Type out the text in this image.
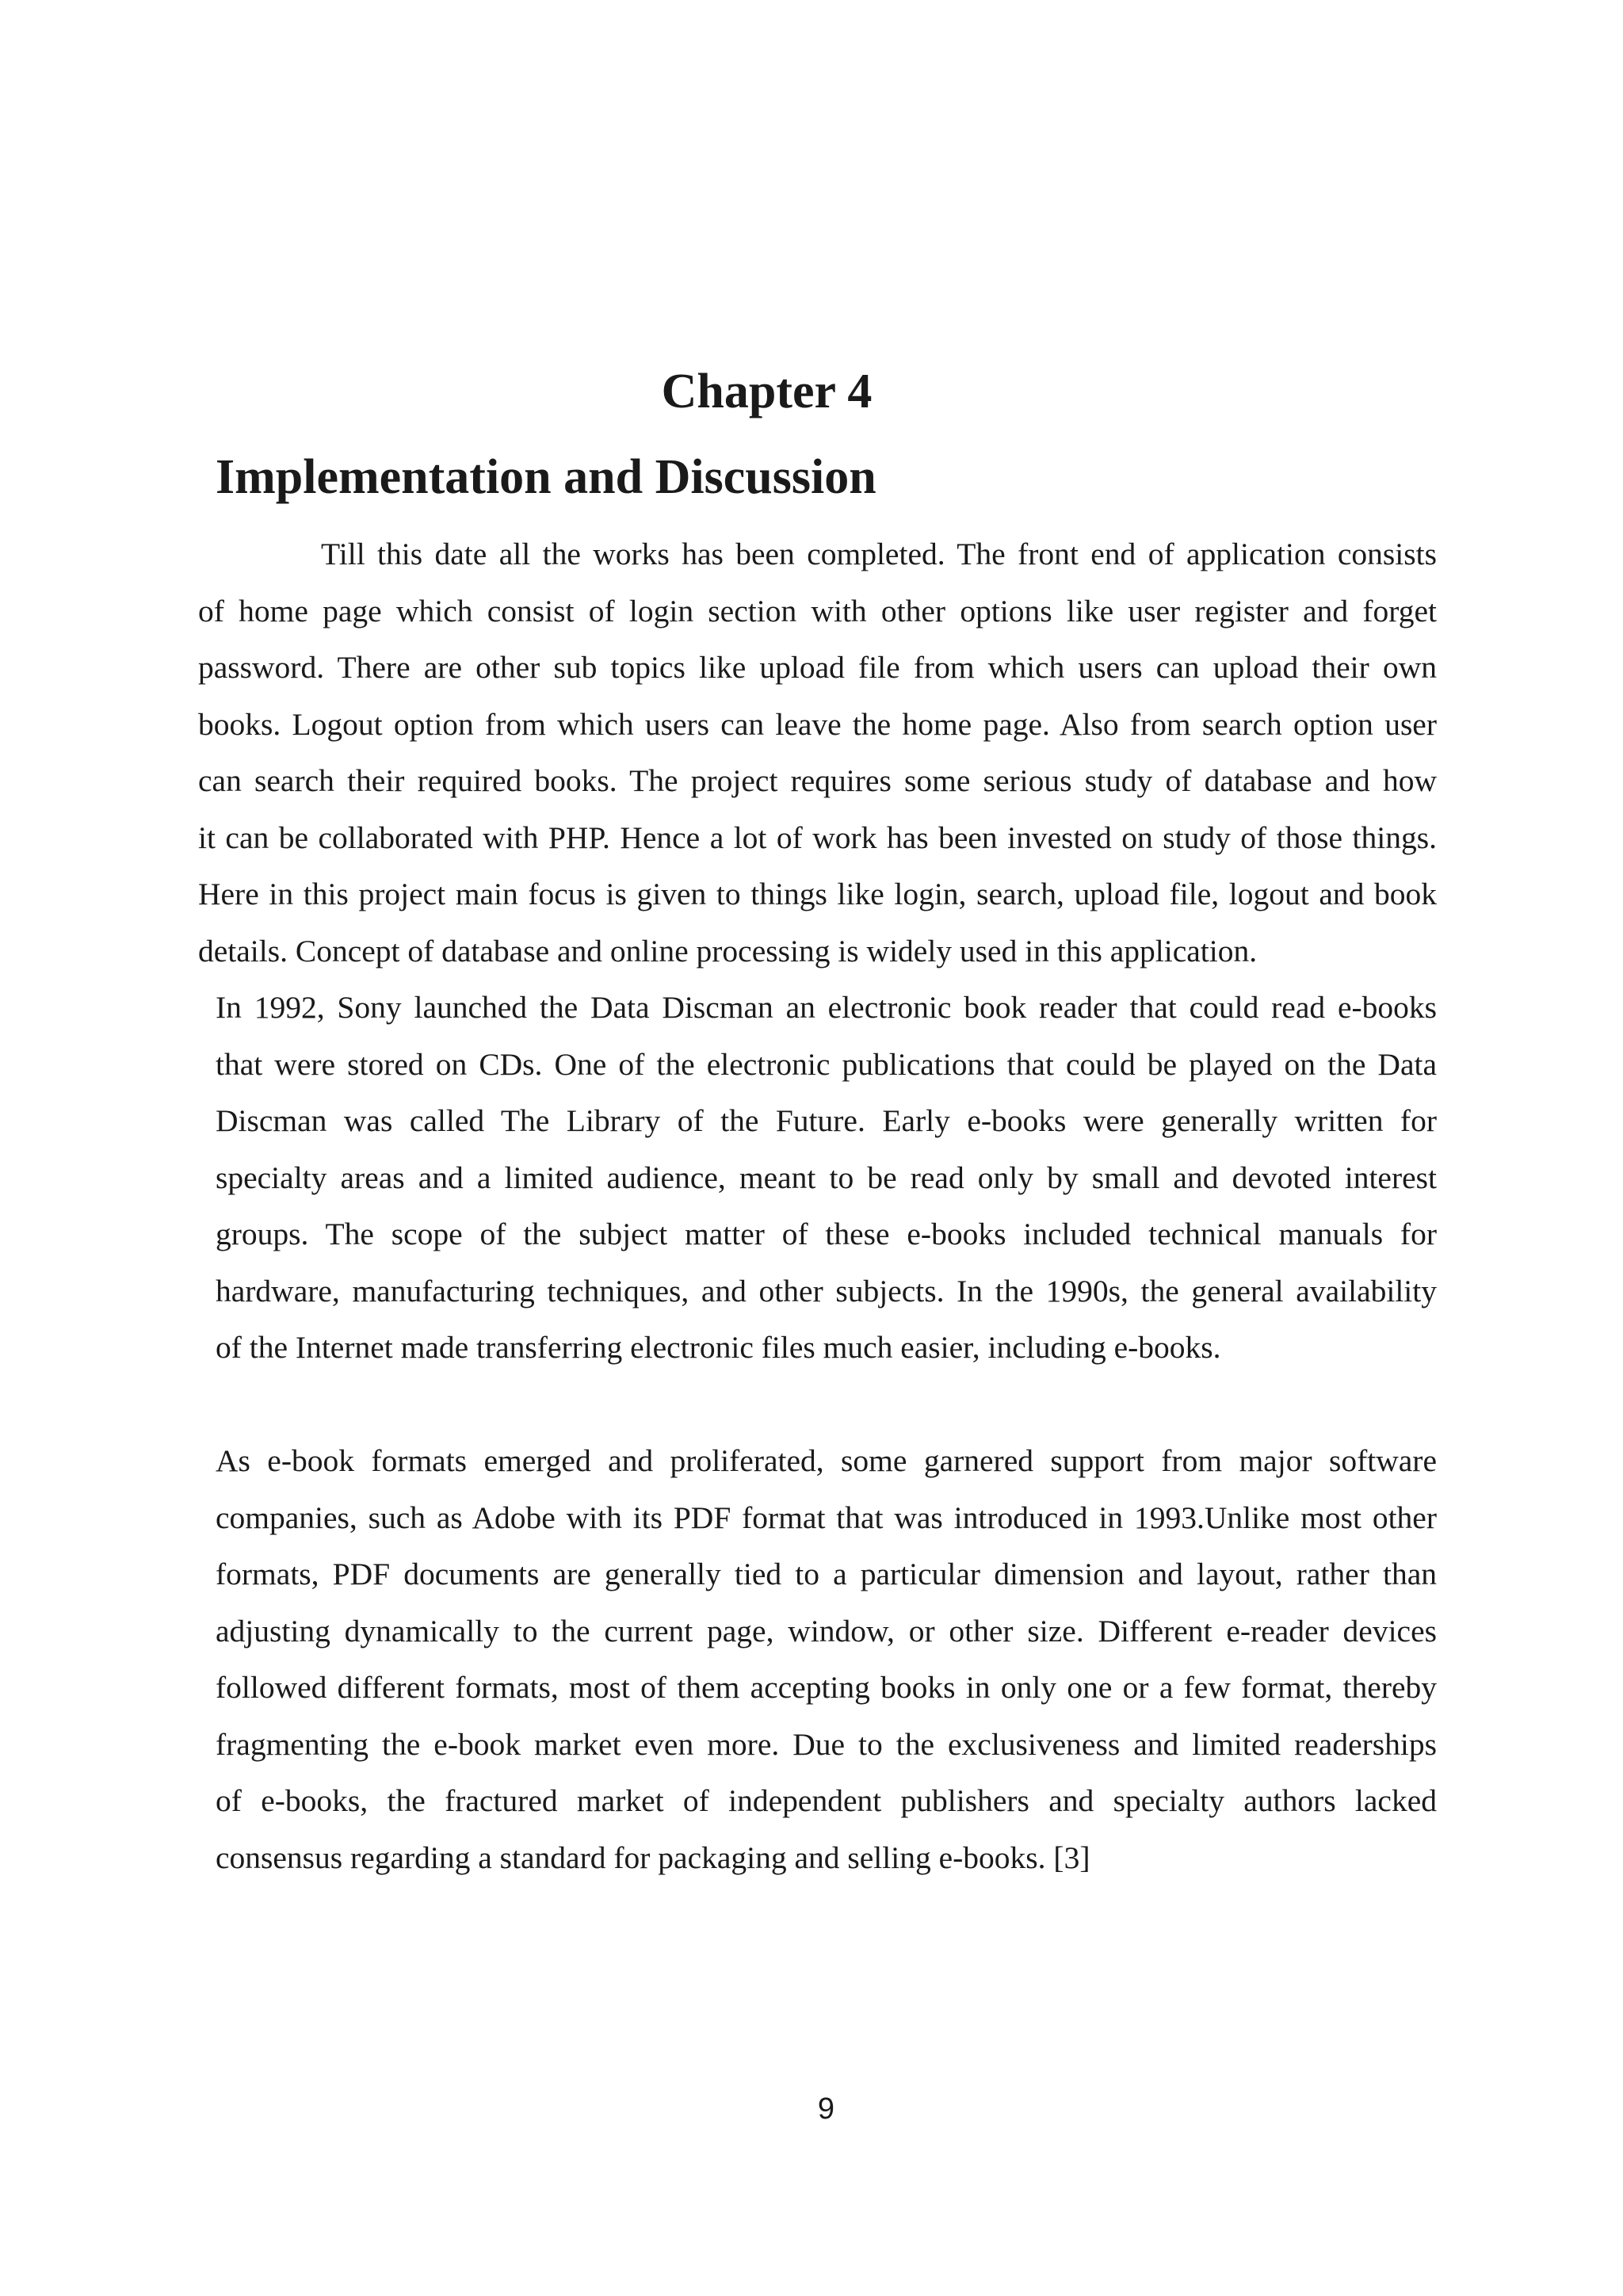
Chapter 4
Implementation and Discussion

Till this date all the works has been completed. The front end of application consists
of home page which consist of login section with other options like user register and forget
password. There are other sub topics like upload file from which users can upload their own
books. Logout option from which users can leave the home page. Also from search option user
can search their required books. The project requires some serious study of database and how
it can be collaborated with PHP. Hence a lot of work has been invested on study of those things.
Here in this project main focus is given to things like login, search, upload file, logout and book
details. Concept of database and online processing is widely used in this application.

In 1992, Sony launched the Data Discman an electronic book reader that could read e-books
that were stored on CDs. One of the electronic publications that could be played on the Data
Discman was called The Library of the Future. Early e-books were generally written for
specialty areas and a limited audience, meant to be read only by small and devoted interest
groups. The scope of the subject matter of these e-books included technical manuals for
hardware, manufacturing techniques, and other subjects. In the 1990s, the general availability
of the Internet made transferring electronic files much easier, including e-books.

As e-book formats emerged and proliferated, some garnered support from major software
companies, such as Adobe with its PDF format that was introduced in 1993.Unlike most other
formats, PDF documents are generally tied to a particular dimension and layout, rather than
adjusting dynamically to the current page, window, or other size. Different e-reader devices
followed different formats, most of them accepting books in only one or a few format, thereby
fragmenting the e-book market even more. Due to the exclusiveness and limited readerships
of e-books, the fractured market of independent publishers and specialty authors lacked
consensus regarding a standard for packaging and selling e-books. [3]

9
